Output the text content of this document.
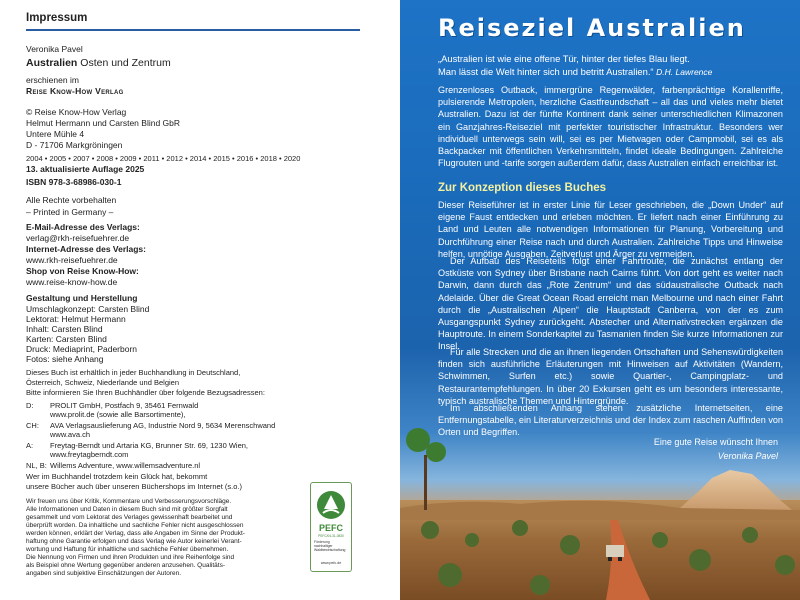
Impressum
Veronika Pavel
Australien Osten und Zentrum
erschienen im
Reise Know-How Verlag
© Reise Know-How Verlag
Helmut Hermann und Carsten Blind GbR
Untere Mühle 4
D - 71706 Markgröningen
2004 • 2005 • 2007 • 2008 • 2009 • 2011 • 2012 • 2014 • 2015 • 2016 • 2018 • 2020
13. aktualisierte Auflage 2025
ISBN 978-3-68986-030-1
Alle Rechte vorbehalten
– Printed in Germany –
E-Mail-Adresse des Verlags:
verlag@rkh-reisefuehrer.de
Internet-Adresse des Verlags:
www.rkh-reisefuehrer.de
Shop von Reise Know-How:
www.reise-know-how.de
Gestaltung und Herstellung
Umschlagkonzept: Carsten Blind
Lektorat: Helmut Hermann
Inhalt: Carsten Blind
Karten: Carsten Blind
Druck: Mediaprint, Paderborn
Fotos: siehe Anhang
Dieses Buch ist erhältlich in jeder Buchhandlung in Deutschland,
Österreich, Schweiz, Niederlande und Belgien
Bitte informieren Sie Ihren Buchhändler über folgende Bezugsadressen:
D: PROLIT GmbH, Postfach 9, 35461 Fernwald
www.prolit.de (sowie alle Barsortimente),
CH: AVA Verlagsauslieferung AG, Industrie Nord 9, 5634 Merenschwand
www.ava.ch
A: Freytag-Berndt und Artaria KG, Brunner Str. 69, 1230 Wien,
www.freytagberndt.com
NL, B: Willems Adventure, www.willemsadventure.nl
Wer im Buchhandel trotzdem kein Glück hat, bekommt
unsere Bücher auch über unseren Büchershops im Internet (s.o.)
Wir freuen uns über Kritik, Kommentare und Verbesserungsvorschläge.
Alle Informationen und Daten in diesem Buch sind mit größter Sorgfalt
gesammelt und vom Lektorat des Verlages gewissenhaft bearbeitet und
überprüft worden. Da inhaltliche und sachliche Fehler nicht ausgeschlossen
werden können, erklärt der Verlag, dass alle Angaben im Sinne der Produkt-
haftung ohne Garantie erfolgen und dass Verlag wie Autor keinerlei Verant-
wortung und Haftung für inhaltliche und sachliche Fehler übernehmen.
Die Nennung von Firmen und ihren Produkten und ihre Reihenfolge sind
als Beispiel ohne Wertung gegenüber anderen anzusehen. Qualitäts-
angaben sind subjektive Einschätzungen der Autoren.
PEFC
PEFC/04-31-0830
Förderung nachhaltiger Waldbewirtschaftung
www.pefc.de
Reiseziel Australien
„Australien ist wie eine offene Tür, hinter der tiefes Blau liegt.
Man lässt die Welt hinter sich und betritt Australien.“ D.H. Lawrence
Grenzenloses Outback, immergrüne Regenwälder, farbenprächtige Korallenriffe, pulsierende Metropolen, herzliche Gastfreundschaft – all das und vieles mehr bietet Australien. Dazu ist der fünfte Kontinent dank seiner unterschiedlichen Klimazonen ein Ganzjahres-Reiseziel mit perfekter touristischer Infrastruktur. Besonders wer individuell unterwegs sein will, sei es per Mietwagen oder Campmobil, sei es als Backpacker mit öffentlichen Verkehrsmitteln, findet ideale Bedingungen. Zahlreiche Flugrouten und -tarife sorgen außerdem dafür, dass Australien einfach erreichbar ist.
Zur Konzeption dieses Buches
Dieser Reiseführer ist in erster Linie für Leser geschrieben, die „Down Under“ auf eigene Faust entdecken und erleben möchten. Er liefert nach einer Einführung zu Land und Leuten alle notwendigen Informationen für Planung, Vorbereitung und Durchführung einer Reise nach und durch Australien. Zahlreiche Tipps und Hinweise helfen, unnötige Ausgaben, Zeitverlust und Ärger zu vermeiden.
Der Aufbau des Reiseteils folgt einer Fahrtroute, die zunächst entlang der Ostküste von Sydney über Brisbane nach Cairns führt. Von dort geht es weiter nach Darwin, dann durch das „Rote Zentrum“ und das südaustralische Outback nach Adelaide. Über die Great Ocean Road erreicht man Melbourne und nach einer Fahrt durch die „Australischen Alpen“ die Hauptstadt Canberra, von der es zum Ausgangspunkt Sydney zurückgeht. Abstecher und Alternativstrecken ergänzen die Hauptroute. In einem Sonderkapitel zu Tasmanien finden Sie kurze Informationen zur Insel.
Für alle Strecken und die an ihnen liegenden Ortschaften und Sehenswürdigkeiten finden sich ausführliche Erläuterungen mit Hinweisen auf Aktivitäten (Wandern, Schwimmen, Surfen etc.) sowie Quartier-, Campingplatz- und Restaurantempfehlungen. In über 20 Exkursen geht es um besonders interessante, typisch australische Themen und Hintergründe.
Im abschließenden Anhang stehen zusätzliche Internetseiten, eine Entfernungstabelle, ein Literaturverzeichnis und der Index zum raschen Auffinden von Orten und Begriffen.
Eine gute Reise wünscht Ihnen
Veronika Pavel
